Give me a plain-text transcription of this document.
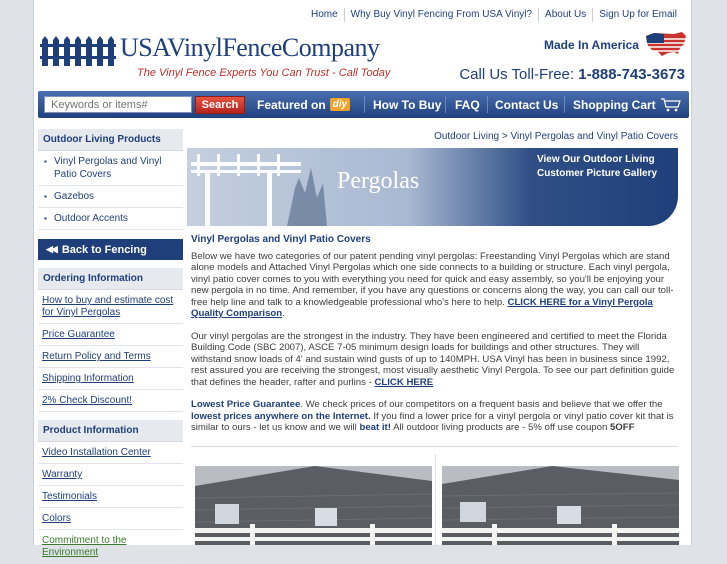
Home	Why Buy Vinyl Fencing From USA Vinyl?	About Us	Sign Up for Email
USAVinylFenceCompany
The Vinyl Fence Experts You Can Trust - Call Today
Made In America
Call Us Toll-Free: 1-888-743-3673
Keywords or items#
Search	Featured on diy How To Buy FAQ Contact Us Shopping Cart
Outdoor Living Products
▪ Vinyl Pergolas and Vinyl Patio Covers
▪ Gazebos
▪ Outdoor Accents
◀◀ Back to Fencing
Ordering Information
How to buy and estimate cost for Vinyl Pergolas
Price Guarantee
Return Policy and Terms
Shipping Information
2% Check Discount!
Product Information
Video Installation Center
Warranty
Testimonials
Colors
Commitment to the Environment
Outdoor Living > Vinyl Pergolas and Vinyl Patio Covers
Pergolas
View Our Outdoor Living
Customer Picture Gallery
Vinyl Pergolas and Vinyl Patio Covers

Below we have two categories of our patent pending vinyl pergolas: Freestanding Vinyl Pergolas which are stand alone models and Attached Vinyl Pergolas which one side connects to a building or structure. Each vinyl pergola, vinyl patio cover comes to you with everything you need for quick and easy assembly, so you'll be enjoying your new pergola in no time. And remember, if you have any questions or concerns along the way, you can call our toll-free help line and talk to a knowledgeable professional who's here to help. CLICK HERE for a Vinyl Pergola Quality Comparison.

Our vinyl pergolas are the strongest in the industry. They have been engineered and certified to meet the Florida Building Code (SBC 2007), ASCE 7-05 minimum design loads for buildings and other structures. They will withstand snow loads of 4' and sustain wind gusts of up to 140MPH. USA Vinyl has been in business since 1992, rest assured you are receiving the strongest, most visually aesthetic Vinyl Pergola. To see our part definition guide that defines the header, rafter and purlins - CLICK HERE

Lowest Price Guarantee. We check prices of our competitors on a frequent basis and believe that we offer the lowest prices anywhere on the Internet. If you find a lower price for a vinyl pergola or vinyl patio cover kit that is similar to ours - let us know and we will beat it! All outdoor living products are - 5% off use coupon 5OFF
